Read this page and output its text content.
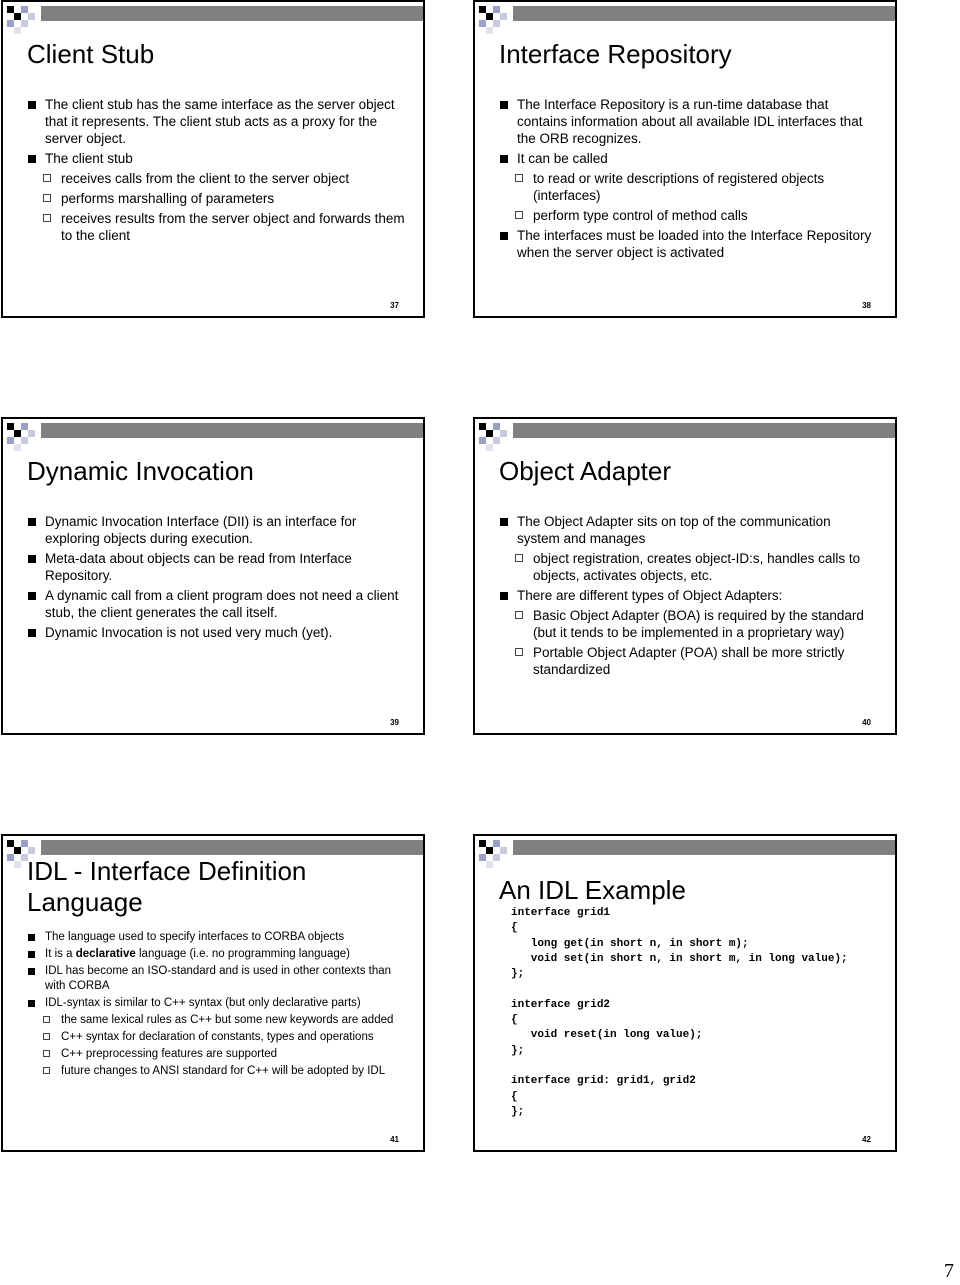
Client Stub
The client stub has the same interface as the server object that it represents. The client stub acts as a proxy for the server object.
The client stub
receives calls from the client to the server object
performs marshalling of parameters
receives results from the server object and forwards them to the client
37
Interface Repository
The Interface Repository is a run-time database that contains information about all available IDL interfaces that the ORB recognizes.
It can be called
to read or write descriptions of registered objects (interfaces)
perform type control of method calls
The interfaces must be loaded into the Interface Repository when the server object is activated
38
Dynamic Invocation
Dynamic Invocation Interface (DII) is an interface for exploring objects during execution.
Meta-data about objects can be read from Interface Repository.
A dynamic call from a client program does not need a client stub, the client generates the call itself.
Dynamic Invocation is not used very much (yet).
39
Object Adapter
The Object Adapter sits on top of the communication system and manages
object registration, creates object-ID:s, handles calls to objects, activates objects, etc.
There are different types of Object Adapters:
Basic Object Adapter (BOA) is required by the standard (but it tends to be implemented in a proprietary way)
Portable Object Adapter (POA) shall be more strictly standardized
40
IDL - Interface Definition Language
The language used to specify interfaces to CORBA objects
It is a declarative language (i.e. no programming language)
IDL has become an ISO-standard and is used in other contexts than with CORBA
IDL-syntax is similar to C++ syntax (but only declarative parts)
the same lexical rules as C++ but some new keywords are added
C++ syntax for declaration of constants, types and operations
C++ preprocessing features are supported
future changes to ANSI standard for C++ will be adopted by IDL
41
An IDL Example
interface grid1
{
long get(in short n, in short m);
void set(in short n, in short m, in long value);
};
interface grid2
{
void reset(in long value);
};
interface grid: grid1, grid2
{
};
42
7
